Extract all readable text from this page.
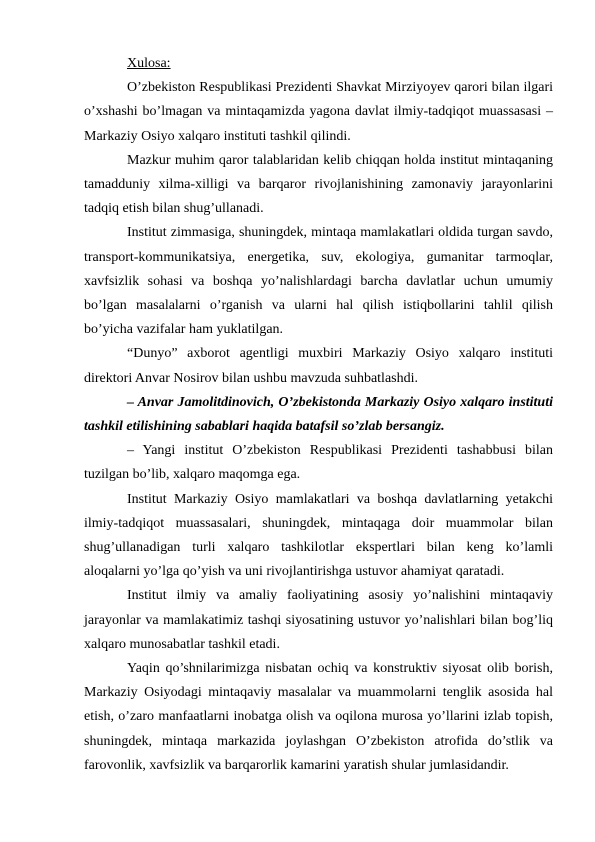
Xulosa:

O’zbekiston Respublikasi Prezidenti Shavkat Mirziyoyev qarori bilan ilgari o’xshashi bo’lmagan va mintaqamizda yagona davlat ilmiy-tadqiqot muassasasi – Markaziy Osiyo xalqaro instituti tashkil qilindi.

Mazkur muhim qaror talablaridan kelib chiqqan holda institut mintaqaning tamadduniy xilma-xilligi va barqaror rivojlanishining zamonaviy jarayonlarini tadqiq etish bilan shug’ullanadi.

Institut zimmasiga, shuningdek, mintaqa mamlakatlari oldida turgan savdo, transport-kommunikatsiya, energetika, suv, ekologiya, gumanitar tarmoqlar, xavfsizlik sohasi va boshqa yo’nalishlardagi barcha davlatlar uchun umumiy bo’lgan masalalarni o’rganish va ularni hal qilish istiqbollarini tahlil qilish bo’yicha vazifalar ham yuklatilgan.

“Dunyo” axborot agentligi muxbiri Markaziy Osiyo xalqaro instituti direktori Anvar Nosirov bilan ushbu mavzuda suhbatlashdi.

– Anvar Jamolitdinovich, O’zbekistonda Markaziy Osiyo xalqaro instituti tashkil etilishining sabablari haqida batafsil so’zlab bersangiz.

– Yangi institut O’zbekiston Respublikasi Prezidenti tashabbusi bilan tuzilgan bo’lib, xalqaro maqomga ega.

Institut Markaziy Osiyo mamlakatlari va boshqa davlatlarning yetakchi ilmiy-tadqiqot muassasalari, shuningdek, mintaqaga doir muammolar bilan shug’ullanadigan turli xalqaro tashkilotlar ekspertlari bilan keng ko’lamli aloqalarni yo’lga qo’yish va uni rivojlantirishga ustuvor ahamiyat qaratadi.

Institut ilmiy va amaliy faoliyatining asosiy yo’nalishini mintaqaviy jarayonlar va mamlakatimiz tashqi siyosatining ustuvor yo’nalishlari bilan bog’liq xalqaro munosabatlar tashkil etadi.

Yaqin qo’shnilarimizga nisbatan ochiq va konstruktiv siyosat olib borish, Markaziy Osiyodagi mintaqaviy masalalar va muammolarni tenglik asosida hal etish, o’zaro manfaatlarni inobatga olish va oqilona murosa yo’llarini izlab topish, shuningdek, mintaqa markazida joylashgan O’zbekiston atrofida do’stlik va farovonlik, xavfsizlik va barqarorlik kamarini yaratish shular jumlasidandir.
